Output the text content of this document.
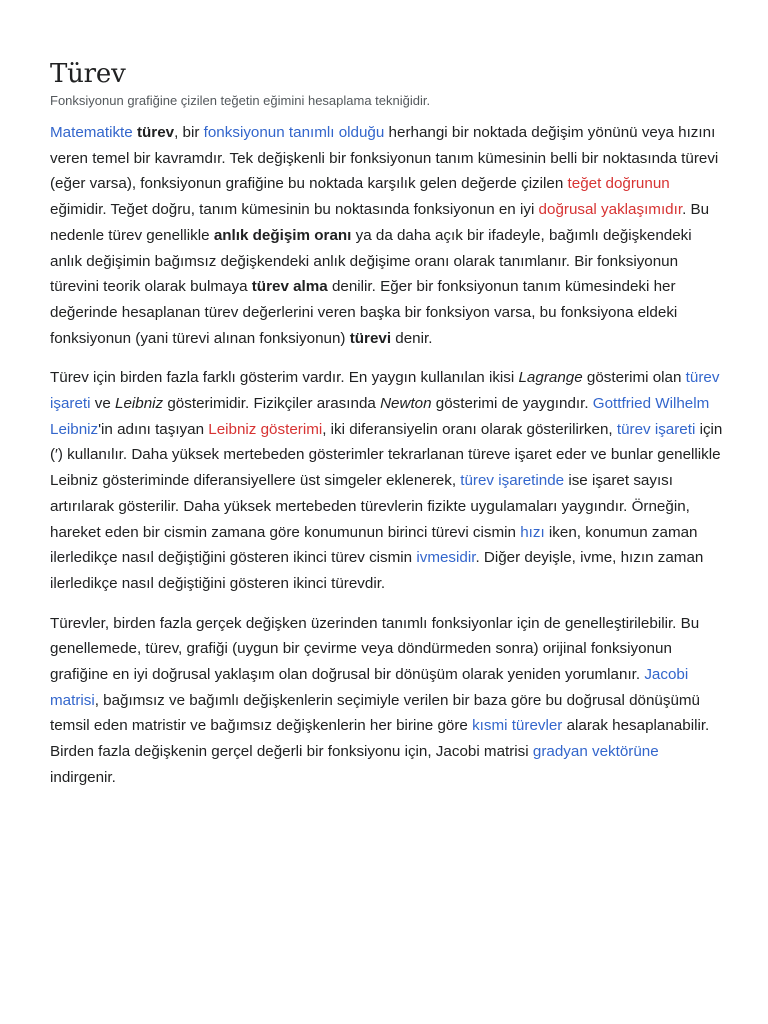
Türev
Fonksiyonun grafiğine çizilen teğetin eğimini hesaplama tekniğidir.

Matematikte türev, bir fonksiyonun tanımlı olduğu herhangi bir noktada değişim yönünü veya hızını veren temel bir kavramdır. Tek değişkenli bir fonksiyonun tanım kümesinin belli bir noktasında türevi (eğer varsa), fonksiyonun grafiğine bu noktada karşılık gelen değerde çizilen teğet doğrunun eğimidir. Teğet doğru, tanım kümesinin bu noktasında fonksiyonun en iyi doğrusal yaklaşımıdır. Bu nedenle türev genellikle anlık değişim oranı ya da daha açık bir ifadeyle, bağımlı değişkendeki anlık değişimin bağımsız değişkendeki anlık değişime oranı olarak tanımlanır. Bir fonksiyonun türevini teorik olarak bulmaya türev alma denilir. Eğer bir fonksiyonun tanım kümesindeki her değerinde hesaplanan türev değerlerini veren başka bir fonksiyon varsa, bu fonksiyona eldeki fonksiyonun (yani türevi alınan fonksiyonun) türevi denir.

Türev için birden fazla farklı gösterim vardır. En yaygın kullanılan ikisi Lagrange gösterimi olan türev işareti ve Leibniz gösterimidir. Fizikçiler arasında Newton gösterimi de yaygındır. Gottfried Wilhelm Leibniz'in adını taşıyan Leibniz gösterimi, iki diferansiyelin oranı olarak gösterilirken, türev işareti için (′) kullanılır. Daha yüksek mertebeden gösterimler tekrarlanan türeve işaret eder ve bunlar genellikle Leibniz gösteriminde diferansiyellere üst simgeler eklenerek, türev işaretinde ise işaret sayısı artırılarak gösterilir. Daha yüksek mertebeden türevlerin fizikte uygulamaları yaygındır. Örneğin, hareket eden bir cismin zamana göre konumunun birinci türevi cismin hızı iken, konumun zaman ilerledikçe nasıl değiştiğini gösteren ikinci türev cismin ivmesidir. Diğer deyişle, ivme, hızın zaman ilerledikçe nasıl değiştiğini gösteren ikinci türevdir.

Türevler, birden fazla gerçek değişken üzerinden tanımlı fonksiyonlar için de genelleştirilebilir. Bu genellemede, türev, grafiği (uygun bir çevirme veya döndürmeden sonra) orijinal fonksiyonun grafiğine en iyi doğrusal yaklaşım olan doğrusal bir dönüşüm olarak yeniden yorumlanır. Jacobi matrisi, bağımsız ve bağımlı değişkenlerin seçimiyle verilen bir baza göre bu doğrusal dönüşümü temsil eden matristir ve bağımsız değişkenlerin her birine göre kısmi türevler alarak hesaplanabilir. Birden fazla değişkenin gerçel değerli bir fonksiyonu için, Jacobi matrisi gradyan vektörüne indirgenir.
